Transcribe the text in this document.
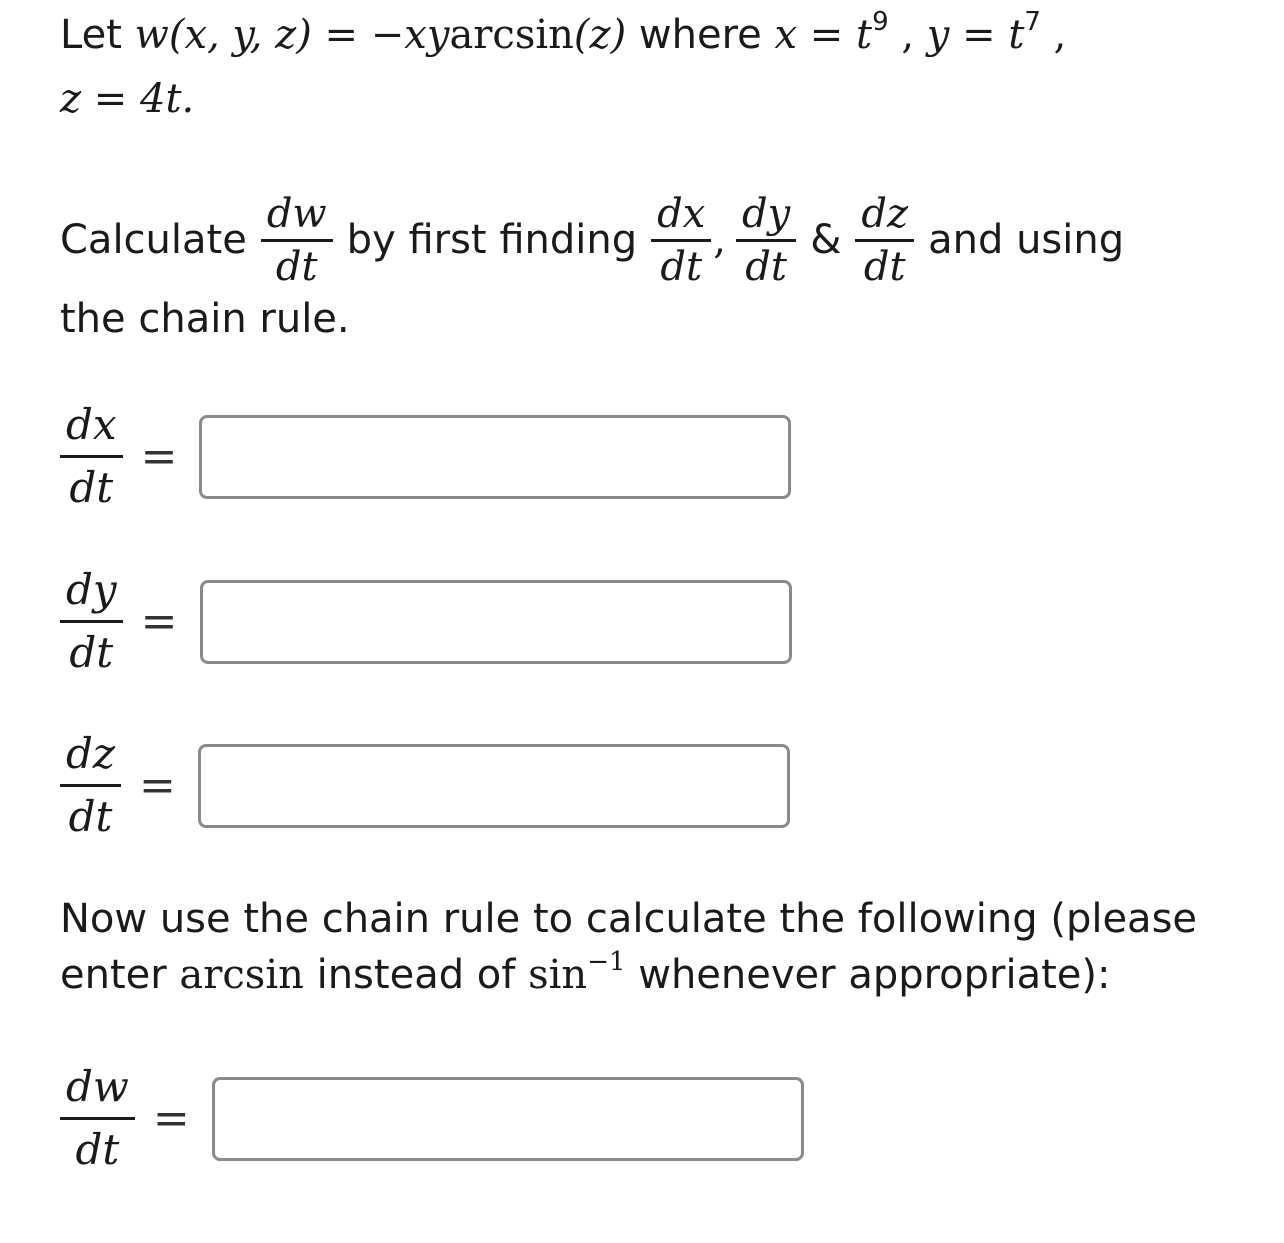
Let w(x, y, z) = −xyarcsin(z) where $x = t^9$ , $y = t^7$ ,
z = 4t.
Calculate $\frac{dw}{dt}$ by first finding $\frac{dx}{dt}$ , $\frac{dy}{dt}$ & $\frac{dz}{dt}$ and using
the chain rule.
$\frac{dx}{dt}$ =
$\frac{dy}{dt}$ =
$\frac{dz}{dt}$ =
Now use the chain rule to calculate the following (please
enter arcsin instead of $\sin^{-1}$ whenever appropriate):
$\frac{dw}{dt}$ =
